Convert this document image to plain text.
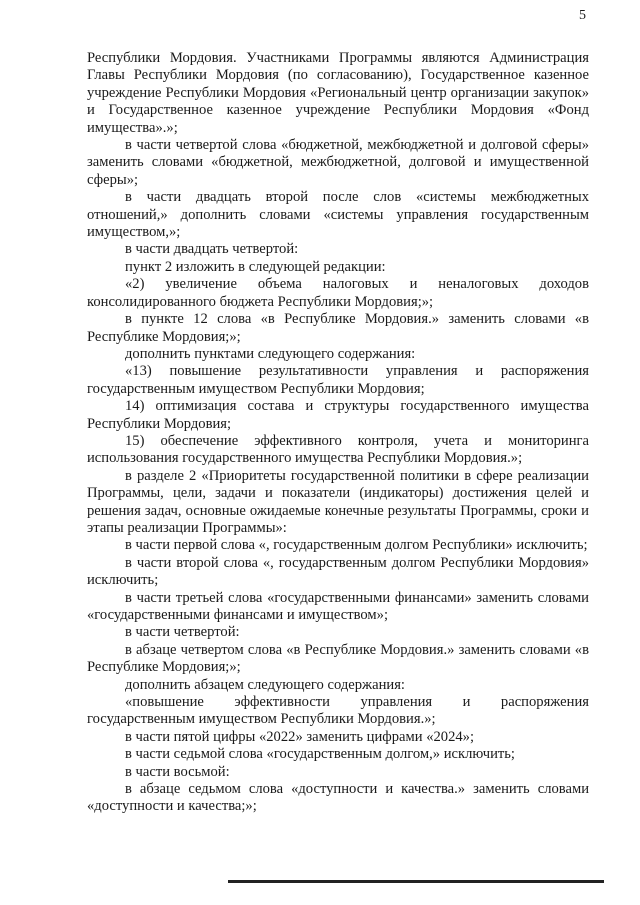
5

Республики Мордовия. Участниками Программы являются Администрация Главы Республики Мордовия (по согласованию), Государственное казенное учреждение Республики Мордовия «Региональный центр организации закупок» и Государственное казенное учреждение Республики Мордовия «Фонд имущества».»;

в части четвертой слова «бюджетной, межбюджетной и долговой сферы» заменить словами «бюджетной, межбюджетной, долговой и имущественной сферы»;

в части двадцать второй после слов «системы межбюджетных отношений,» дополнить словами «системы управления государственным имуществом,»;

в части двадцать четвертой:

пункт 2 изложить в следующей редакции:

«2) увеличение объема налоговых и неналоговых доходов консолидированного бюджета Республики Мордовия;»;

в пункте 12 слова «в Республике Мордовия.» заменить словами «в Республике Мордовия;»;

дополнить пунктами следующего содержания:

«13) повышение результативности управления и распоряжения государственным имуществом Республики Мордовия;

14) оптимизация состава и структуры государственного имущества Республики Мордовия;

15) обеспечение эффективного контроля, учета и мониторинга использования государственного имущества Республики Мордовия.»;

в разделе 2 «Приоритеты государственной политики в сфере реализации Программы, цели, задачи и показатели (индикаторы) достижения целей и решения задач, основные ожидаемые конечные результаты Программы, сроки и этапы реализации Программы»:

в части первой слова «, государственным долгом Республики» исключить;

в части второй слова «, государственным долгом Республики Мордовия» исключить;

в части третьей слова «государственными финансами» заменить словами «государственными финансами и имуществом»;

в части четвертой:

в абзаце четвертом слова «в Республике Мордовия.» заменить словами «в Республике Мордовия;»;

дополнить абзацем следующего содержания:

«повышение эффективности управления и распоряжения государственным имуществом Республики Мордовия.»;

в части пятой цифры «2022» заменить цифрами «2024»;

в части седьмой слова «государственным долгом,» исключить;

в части восьмой:

в абзаце седьмом слова «доступности и качества.» заменить словами «доступности и качества;»;
